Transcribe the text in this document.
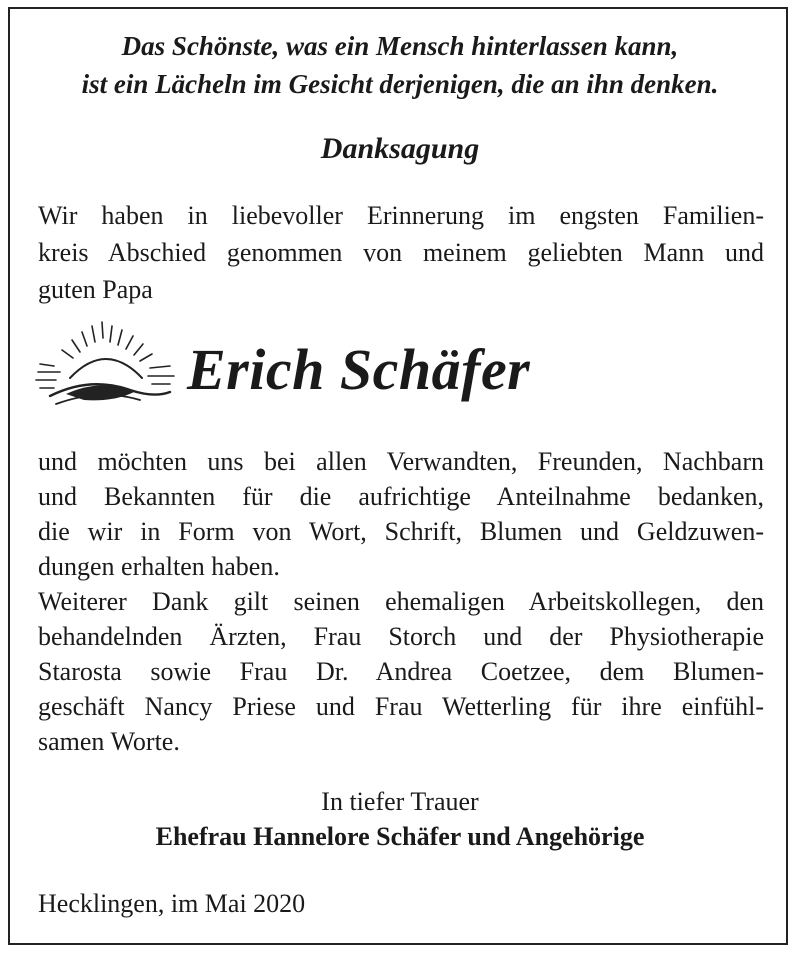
Das Schönste, was ein Mensch hinterlassen kann,
ist ein Lächeln im Gesicht derjenigen, die an ihn denken.
Danksagung
Wir haben in liebevoller Erinnerung im engsten Familien-
kreis Abschied genommen von meinem geliebten Mann und
guten Papa
Erich Schäfer
und möchten uns bei allen Verwandten, Freunden, Nachbarn
und Bekannten für die aufrichtige Anteilnahme bedanken,
die wir in Form von Wort, Schrift, Blumen und Geldzuwen-
dungen erhalten haben.
Weiterer Dank gilt seinen ehemaligen Arbeitskollegen, den
behandelnden Ärzten, Frau Storch und der Physiotherapie
Starosta sowie Frau Dr. Andrea Coetzee, dem Blumen-
geschäft Nancy Priese und Frau Wetterling für ihre einfühl-
samen Worte.
In tiefer Trauer
Ehefrau Hannelore Schäfer und Angehörige
Hecklingen, im Mai 2020
